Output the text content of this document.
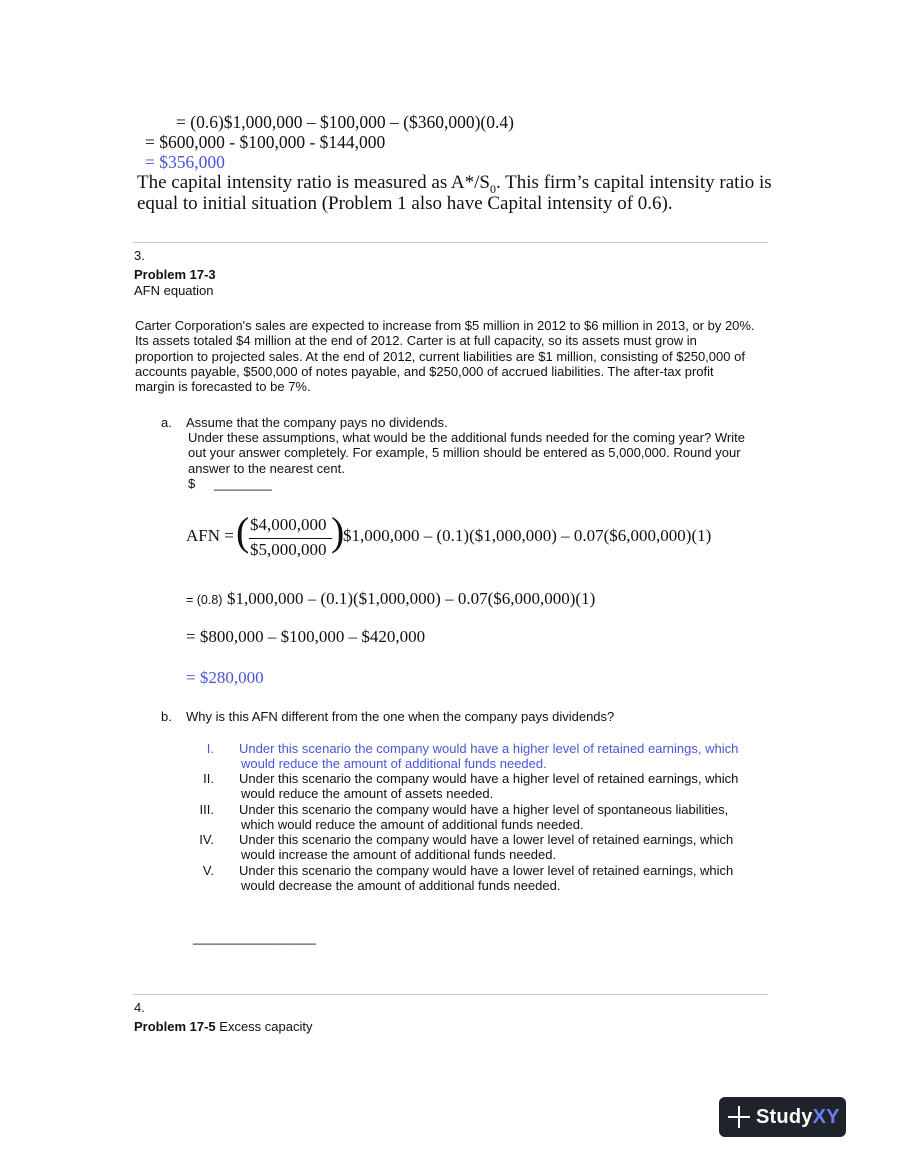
= (0.6)$1,000,000 – $100,000 – ($360,000)(0.4)
= $600,000 - $100,000 - $144,000
= $356,000
The capital intensity ratio is measured as $A*/S_0$. This firm’s capital intensity ratio is
equal to initial situation (Problem 1 also have Capital intensity of 0.6).
3.
Problem 17-3
AFN equation
Carter Corporation's sales are expected to increase from $5 million in 2012 to $6 million in 2013, or by 20%.
Its assets totaled $4 million at the end of 2012. Carter is at full capacity, so its assets must grow in
proportion to projected sales. At the end of 2012, current liabilities are $1 million, consisting of $250,000 of
accounts payable, $500,000 of notes payable, and $250,000 of accrued liabilities. The after-tax profit
margin is forecasted to be 7%.
a. Assume that the company pays no dividends.
Under these assumptions, what would be the additional funds needed for the coming year? Write
out your answer completely. For example, 5 million should be entered as 5,000,000. Round your
answer to the nearest cent.
$ ________
AFN = ( $4,000,000
$5,000,000 )
$1,000,000 – (0.1)($1,000,000) – 0.07($6,000,000)(1)
= (0.8) $1,000,000 – (0.1)($1,000,000) – 0.07($6,000,000)(1)
= $800,000 – $100,000 – $420,000
= $280,000
b. Why is this AFN different from the one when the company pays dividends?
I. Under this scenario the company would have a higher level of retained earnings, which
would reduce the amount of additional funds needed.
II. Under this scenario the company would have a higher level of retained earnings, which
would reduce the amount of assets needed.
III. Under this scenario the company would have a higher level of spontaneous liabilities,
which would reduce the amount of additional funds needed.
IV. Under this scenario the company would have a lower level of retained earnings, which
would increase the amount of additional funds needed.
V. Under this scenario the company would have a lower level of retained earnings, which
would decrease the amount of additional funds needed.
_________________
4.
Problem 17-5 Excess capacity
StudyXY
